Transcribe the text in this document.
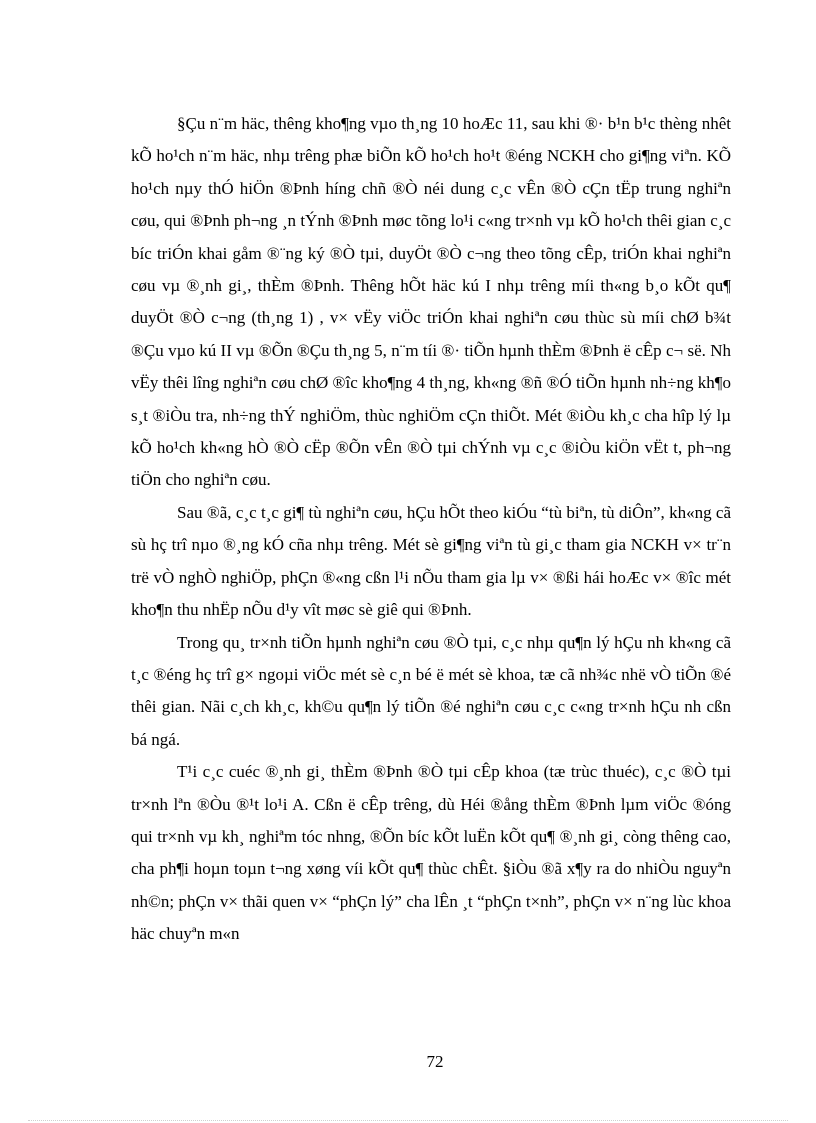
§Çu n¨m häc, thêng kho¶ng vµo th¸ng 10 hoÆc 11, sau khi ®· b¹n b¹c thèng nhêt kÕ ho¹ch n¨m häc, nhµ trêng phæ biÕn kÕ ho¹ch ho¹t ®éng NCKH cho gi¶ng viªn. KÕ ho¹ch nµy thÓ hiÖn ®Þnh híng chñ ®Ò néi dung c¸c vÊn ®Ò cÇn tËp trung nghiªn cøu, qui ®Þnh ph¬ng ¸n tÝnh ®Þnh møc tõng lo¹i c«ng tr×nh vµ kÕ ho¹ch thêi gian c¸c bíc triÓn khai gåm ®¨ng ký ®Ò tµi, duyÖt ®Ò c¬ng theo tõng cÊp, triÓn khai nghiªn cøu vµ ®¸nh gi¸, thÈm ®Þnh. Thêng hÕt häc kú I nhµ trêng míi th«ng b¸o kÕt qu¶ duyÖt ®Ò c¬ng (th¸ng 1) , v× vËy viÖc triÓn khai nghiªn cøu thùc sù míi chØ b¾t ®Çu vµo kú II vµ ®Õn ®Çu th¸ng 5, n¨m tíi ®· tiÕn hµnh thÈm ®Þnh ë cÊp c¬ së. Nh vËy thêi lîng nghiªn cøu chØ ®îc kho¶ng 4 th¸ng, kh«ng ®ñ ®Ó tiÕn hµnh nh÷ng kh¶o s¸t ®iÒu tra, nh÷ng thÝ nghiÖm, thùc nghiÖm cÇn thiÕt. Mét ®iÒu kh¸c cha hîp lý lµ kÕ ho¹ch kh«ng hÒ ®Ò cËp ®Õn vÊn ®Ò tµi chÝnh vµ c¸c ®iÒu kiÖn vËt t, ph¬ng tiÖn cho nghiªn cøu.

Sau ®ã, c¸c t¸c gi¶ tù nghiªn cøu, hÇu hÕt theo kiÓu “tù biªn, tù diÔn”, kh«ng cã sù hç trî nµo ®¸ng kÓ cña nhµ trêng. Mét sè gi¶ng viªn tù gi¸c tham gia NCKH v× tr¨n trë vÒ nghÒ nghiÖp, phÇn ®«ng cßn l¹i nÕu tham gia lµ v× ®ßi hái hoÆc v× ®îc mét kho¶n thu nhËp nÕu d¹y vît møc sè giê qui ®Þnh.

Trong qu¸ tr×nh tiÕn hµnh nghiªn cøu ®Ò tµi, c¸c nhµ qu¶n lý hÇu nh kh«ng cã t¸c ®éng hç trî g× ngoµi viÖc mét sè c¸n bé ë mét sè khoa, tæ cã nh¾c nhë vÒ tiÕn ®é thêi gian. Nãi c¸ch kh¸c, kh©u qu¶n lý tiÕn ®é nghiªn cøu c¸c c«ng tr×nh hÇu nh cßn bá ngá.

T¹i c¸c cuéc ®¸nh gi¸ thÈm ®Þnh ®Ò tµi cÊp khoa (tæ trùc thuéc), c¸c ®Ò tµi tr×nh lªn ®Òu ®¹t lo¹i A. Cßn ë cÊp trêng, dù Héi ®ång thÈm ®Þnh lµm viÖc ®óng qui tr×nh vµ kh¸ nghiªm tóc nhng, ®Õn bíc kÕt luËn kÕt qu¶ ®¸nh gi¸ còng thêng cao, cha ph¶i hoµn toµn t¬ng xøng víi kÕt qu¶ thùc chÊt. §iÒu ®ã x¶y ra do nhiÒu nguyªn nh©n; phÇn v× thãi quen v× “phÇn lý” cha lÊn ¸t “phÇn t×nh”, phÇn v× n¨ng lùc khoa häc chuyªn m«n

72
